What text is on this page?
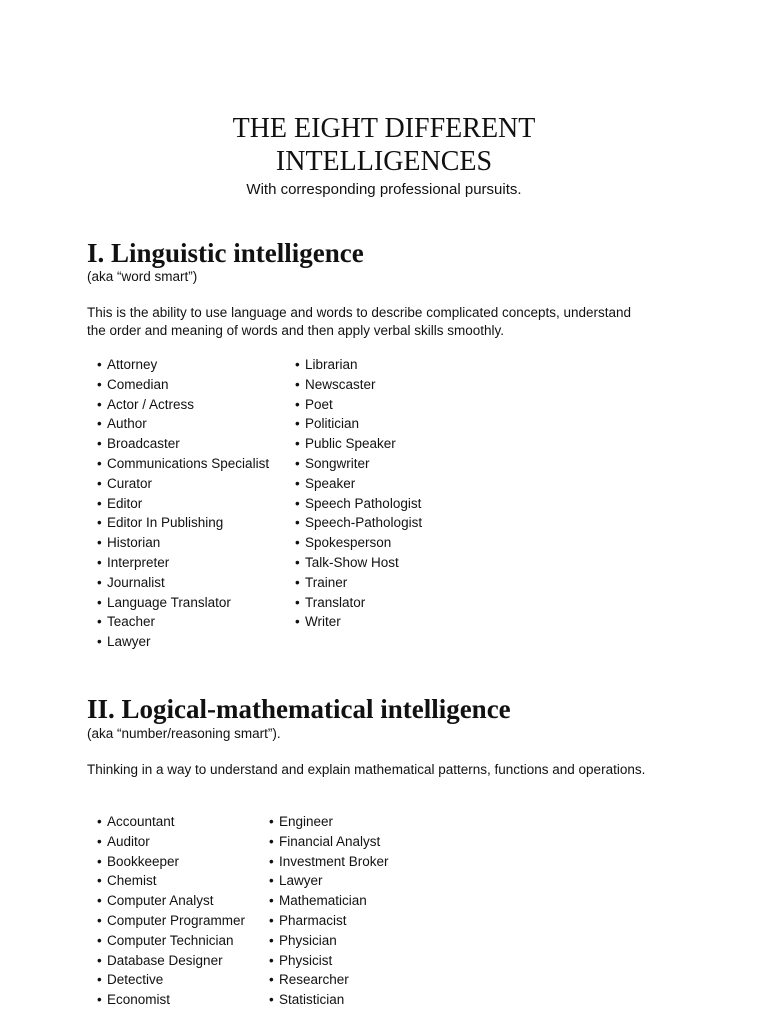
THE EIGHT DIFFERENT
INTELLIGENCES

With corresponding professional pursuits.

I. Linguistic intelligence

(aka “word smart”)

This is the ability to use language and words to describe complicated concepts, understand the order and meaning of words and then apply verbal skills smoothly.

• Attorney
• Comedian
• Actor / Actress
• Author
• Broadcaster
• Communications Specialist
• Curator
• Editor
• Editor In Publishing
• Historian
• Interpreter
• Journalist
• Language Translator
• Teacher
• Lawyer
• Librarian
• Newscaster
• Poet
• Politician
• Public Speaker
• Songwriter
• Speaker
• Speech Pathologist
• Speech-Pathologist
• Spokesperson
• Talk-Show Host
• Trainer
• Translator
• Writer
II. Logical-mathematical intelligence

(aka “number/reasoning smart”).

Thinking in a way to understand and explain mathematical patterns, functions and operations.

• Accountant
• Auditor
• Bookkeeper
• Chemist
• Computer Analyst
• Computer Programmer
• Computer Technician
• Database Designer
• Detective
• Economist
• Engineer
• Financial Analyst
• Investment Broker
• Lawyer
• Mathematician
• Pharmacist
• Physician
• Physicist
• Researcher
• Statistician
